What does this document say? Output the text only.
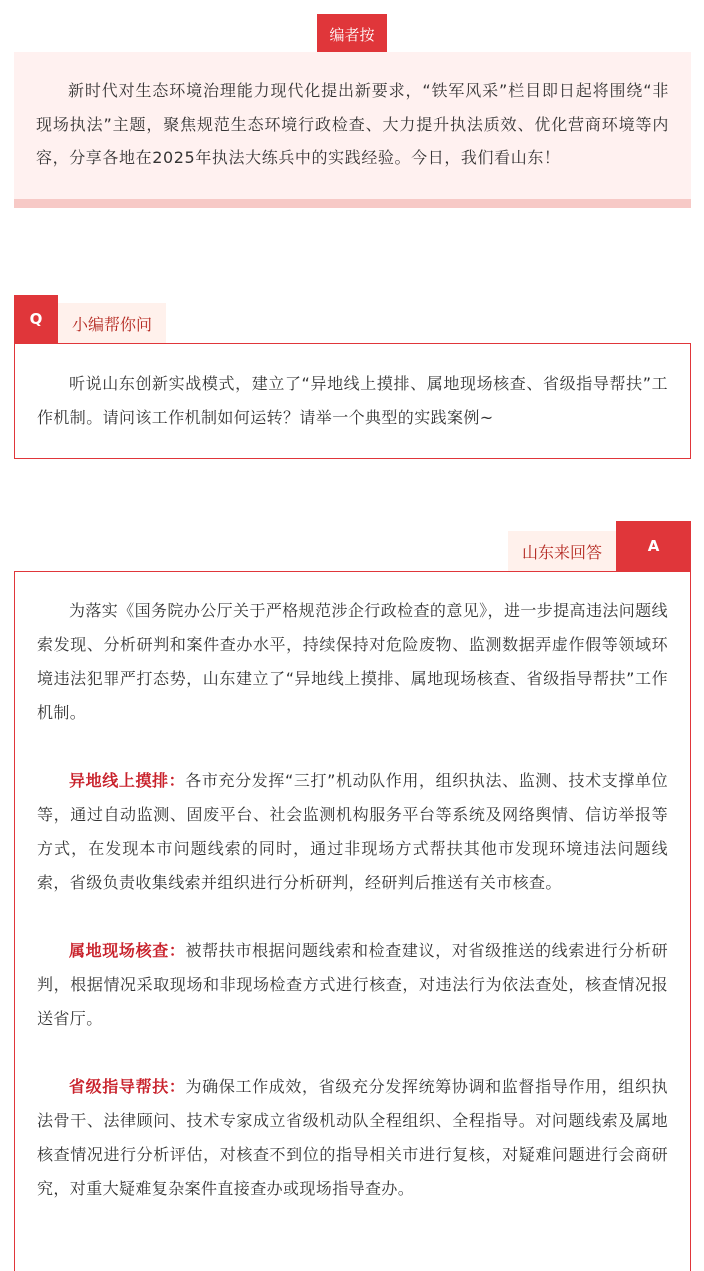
编者按

新时代对生态环境治理能力现代化提出新要求，“铁军风采”栏目即日起将围绕“非现场执法”主题，聚焦规范生态环境行政检查、大力提升执法质效、优化营商环境等内容，分享各地在2025年执法大练兵中的实践经验。今日，我们看山东！

Q	小编帮你问

听说山东创新实战模式，建立了“异地线上摸排、属地现场核查、省级指导帮扶”工作机制。请问该工作机制如何运转？请举一个典型的实践案例~

山东来回答	A

为落实《国务院办公厅关于严格规范涉企行政检查的意见》，进一步提高违法问题线索发现、分析研判和案件查办水平，持续保持对危险废物、监测数据弄虚作假等领域环境违法犯罪严打态势，山东建立了“异地线上摸排、属地现场核查、省级指导帮扶”工作机制。

异地线上摸排：各市充分发挥“三打”机动队作用，组织执法、监测、技术支撑单位等，通过自动监测、固废平台、社会监测机构服务平台等系统及网络舆情、信访举报等方式，在发现本市问题线索的同时，通过非现场方式帮扶其他市发现环境违法问题线索，省级负责收集线索并组织进行分析研判，经研判后推送有关市核查。

属地现场核查：被帮扶市根据问题线索和检查建议，对省级推送的线索进行分析研判，根据情况采取现场和非现场检查方式进行核查，对违法行为依法查处，核查情况报送省厅。

省级指导帮扶：为确保工作成效，省级充分发挥统筹协调和监督指导作用，组织执法骨干、法律顾问、技术专家成立省级机动队全程组织、全程指导。对问题线索及属地核查情况进行分析评估，对核查不到位的指导相关市进行复核，对疑难问题进行会商研究，对重大疑难复杂案件直接查办或现场指导查办。
